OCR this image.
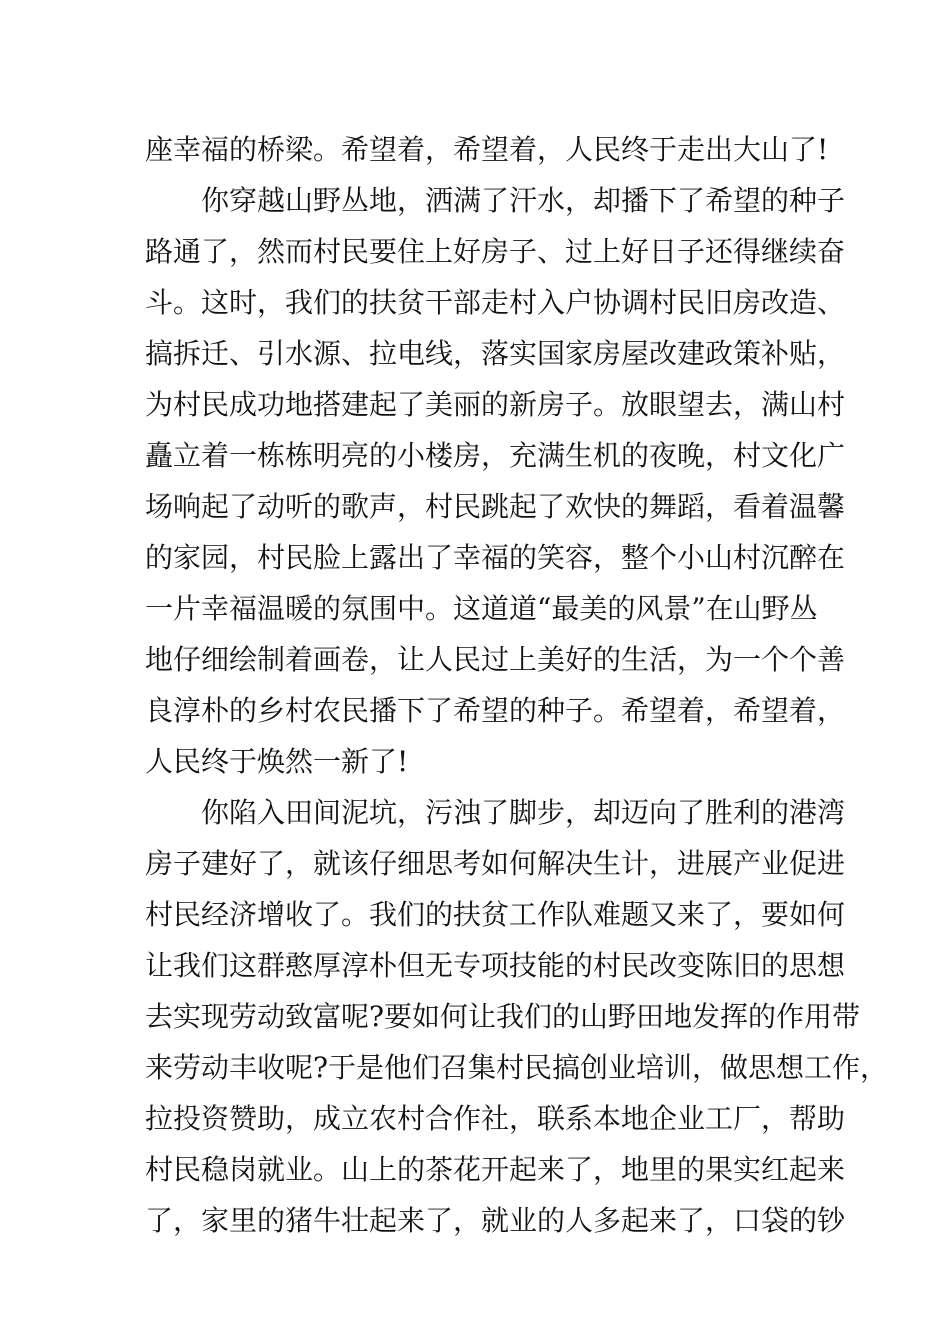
座幸福的桥梁。希望着，希望着，人民终于走出大山了!
你穿越山野丛地，洒满了汗水，却播下了希望的种子
路通了，然而村民要住上好房子、过上好日子还得继续奋
斗。这时，我们的扶贫干部走村入户协调村民旧房改造、
搞拆迁、引水源、拉电线，落实国家房屋改建政策补贴，
为村民成功地搭建起了美丽的新房子。放眼望去，满山村
矗立着一栋栋明亮的小楼房，充满生机的夜晚，村文化广
场响起了动听的歌声，村民跳起了欢快的舞蹈，看着温馨
的家园，村民脸上露出了幸福的笑容，整个小山村沉醉在
一片幸福温暖的氛围中。这道道“最美的风景”在山野丛
地仔细绘制着画卷，让人民过上美好的生活，为一个个善
良淳朴的乡村农民播下了希望的种子。希望着，希望着，
人民终于焕然一新了!
你陷入田间泥坑，污浊了脚步，却迈向了胜利的港湾
房子建好了，就该仔细思考如何解决生计，进展产业促进
村民经济增收了。我们的扶贫工作队难题又来了，要如何
让我们这群憨厚淳朴但无专项技能的村民改变陈旧的思想
去实现劳动致富呢?要如何让我们的山野田地发挥的作用带
来劳动丰收呢?于是他们召集村民搞创业培训，做思想工作，
拉投资赞助，成立农村合作社，联系本地企业工厂，帮助
村民稳岗就业。山上的茶花开起来了，地里的果实红起来
了，家里的猪牛壮起来了，就业的人多起来了，口袋的钞
